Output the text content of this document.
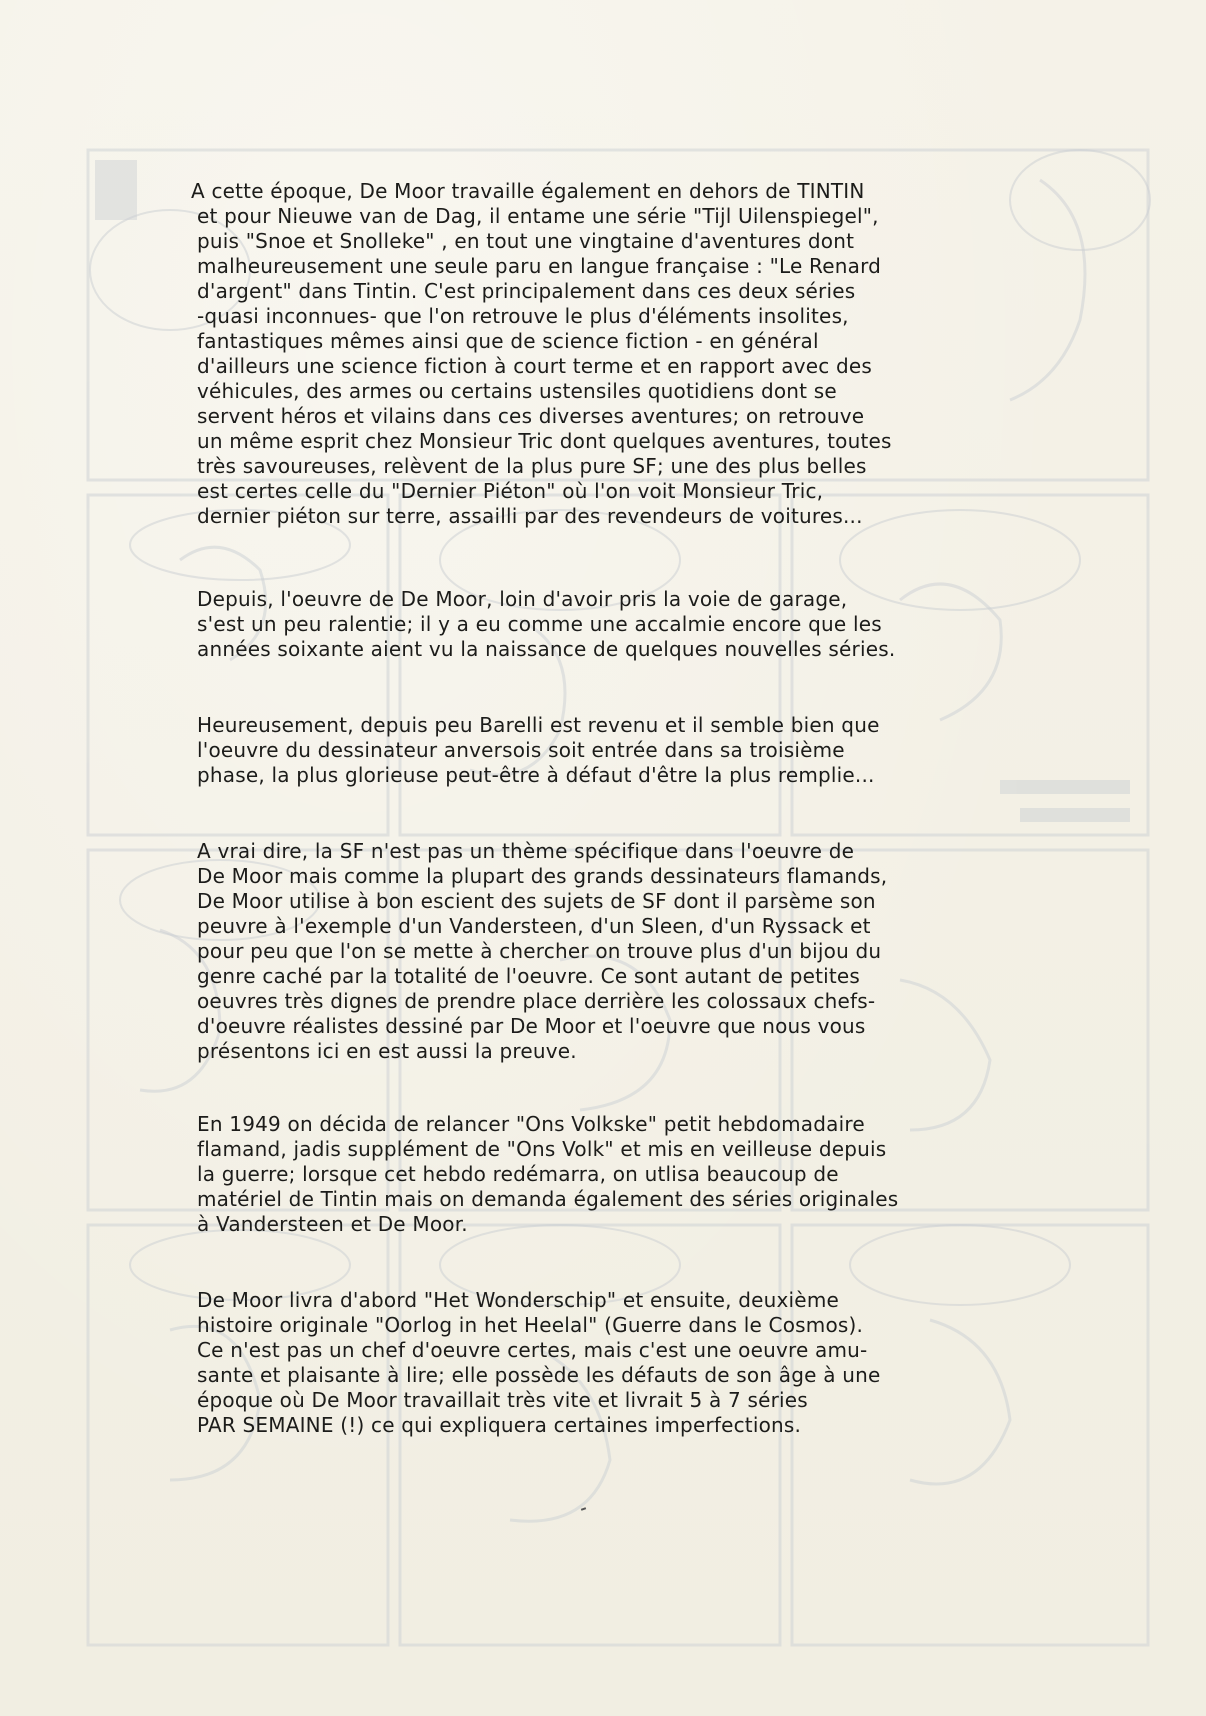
A cette époque, De Moor travaille également en dehors de TINTIN
et pour Nieuwe van de Dag, il entame une série "Tijl Uilenspiegel",
puis "Snoe et Snolleke" , en tout une vingtaine d'aventures dont
malheureusement une seule paru en langue française : "Le Renard
d'argent" dans Tintin. C'est principalement dans ces deux séries
-quasi inconnues- que l'on retrouve le plus d'éléments insolites,
fantastiques mêmes ainsi que de science fiction - en général
d'ailleurs une science fiction à court terme et en rapport avec des
véhicules, des armes ou certains ustensiles quotidiens dont se
servent héros et vilains dans ces diverses aventures; on retrouve
un même esprit chez Monsieur Tric dont quelques aventures, toutes
très savoureuses, relèvent de la plus pure SF; une des plus belles
est certes celle du "Dernier Piéton" où l'on voit Monsieur Tric,
dernier piéton sur terre, assailli par des revendeurs de voitures...
Depuis, l'oeuvre de De Moor, loin d'avoir pris la voie de garage,
s'est un peu ralentie; il y a eu comme une accalmie encore que les
années soixante aient vu la naissance de quelques nouvelles séries.
Heureusement, depuis peu Barelli est revenu et il semble bien que
l'oeuvre du dessinateur anversois soit entrée dans sa troisième
phase, la plus glorieuse peut-être à défaut d'être la plus remplie...
A vrai dire, la SF n'est pas un thème spécifique dans l'oeuvre de
De Moor mais comme la plupart des grands dessinateurs flamands,
De Moor utilise à bon escient des sujets de SF dont il parsème son
peuvre à l'exemple d'un Vandersteen, d'un Sleen, d'un Ryssack et
pour peu que l'on se mette à chercher on trouve plus d'un bijou du
genre caché par la totalité de l'oeuvre. Ce sont autant de petites
oeuvres très dignes de prendre place derrière les colossaux chefs-
d'oeuvre réalistes dessiné par De Moor et l'oeuvre que nous vous
présentons ici en est aussi la preuve.
En 1949 on décida de relancer "Ons Volkske" petit hebdomadaire
flamand, jadis supplément de "Ons Volk" et mis en veilleuse depuis
la guerre; lorsque cet hebdo redémarra, on utlisa beaucoup de
matériel de Tintin mais on demanda également des séries originales
à Vandersteen et De Moor.
De Moor livra d'abord "Het Wonderschip" et ensuite, deuxième
histoire originale "Oorlog in het Heelal" (Guerre dans le Cosmos).
Ce n'est pas un chef d'oeuvre certes, mais c'est une oeuvre amu-
sante et plaisante à lire; elle possède les défauts de son âge à une
époque où De Moor travaillait très vite et livrait 5 à 7 séries
PAR SEMAINE (!) ce qui expliquera certaines imperfections.
